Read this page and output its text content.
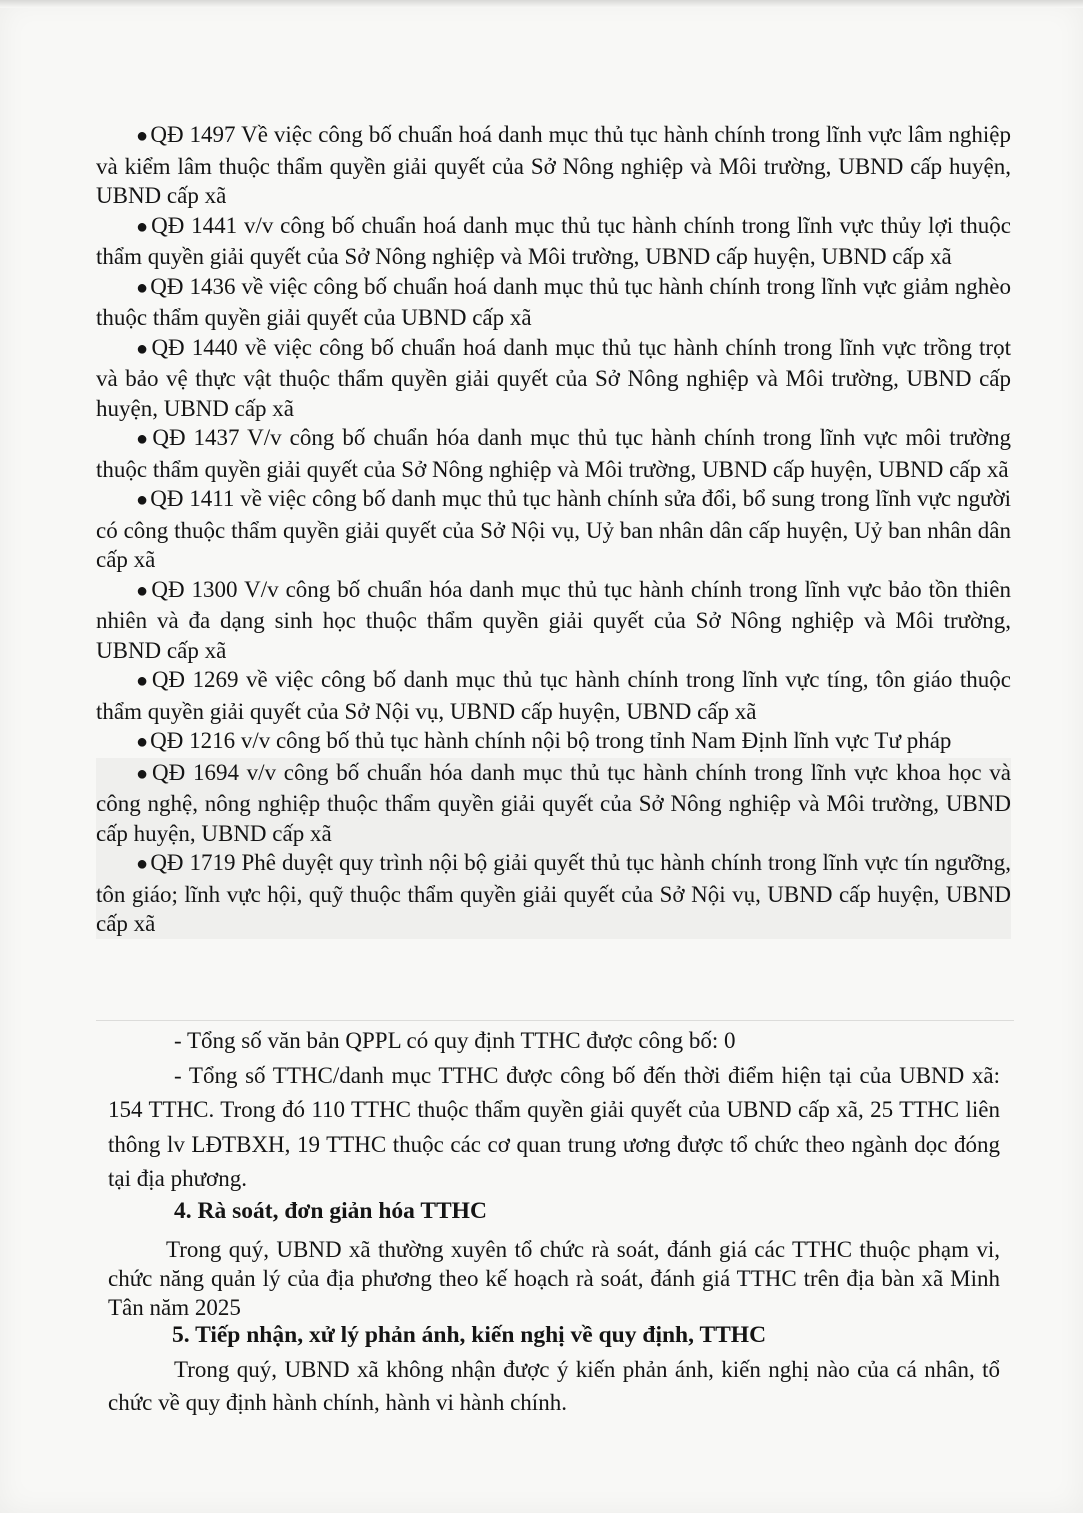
●QĐ 1497 Về việc công bố chuẩn hoá danh mục thủ tục hành chính trong lĩnh vực lâm nghiệp và kiểm lâm thuộc thẩm quyền giải quyết của Sở Nông nghiệp và Môi trường, UBND cấp huyện, UBND cấp xã

●QĐ 1441 v/v công bố chuẩn hoá danh mục thủ tục hành chính trong lĩnh vực thủy lợi thuộc thẩm quyền giải quyết của Sở Nông nghiệp và Môi trường, UBND cấp huyện, UBND cấp xã

●QĐ 1436 về việc công bố chuẩn hoá danh mục thủ tục hành chính trong lĩnh vực giảm nghèo thuộc thẩm quyền giải quyết của UBND cấp xã

●QĐ 1440 về việc công bố chuẩn hoá danh mục thủ tục hành chính trong lĩnh vực trồng trọt và bảo vệ thực vật thuộc thẩm quyền giải quyết của Sở Nông nghiệp và Môi trường, UBND cấp huyện, UBND cấp xã

●QĐ 1437 V/v công bố chuẩn hóa danh mục thủ tục hành chính trong lĩnh vực môi trường thuộc thẩm quyền giải quyết của Sở Nông nghiệp và Môi trường, UBND cấp huyện, UBND cấp xã

●QĐ 1411 về việc công bố danh mục thủ tục hành chính sửa đổi, bổ sung trong lĩnh vực người có công thuộc thẩm quyền giải quyết của Sở Nội vụ, Uỷ ban nhân dân cấp huyện, Uỷ ban nhân dân cấp xã

●QĐ 1300 V/v công bố chuẩn hóa danh mục thủ tục hành chính trong lĩnh vực bảo tồn thiên nhiên và đa dạng sinh học thuộc thẩm quyền giải quyết của Sở Nông nghiệp và Môi trường, UBND cấp xã

●QĐ 1269 về việc công bố danh mục thủ tục hành chính trong lĩnh vực tíng, tôn giáo thuộc thẩm quyền giải quyết của Sở Nội vụ, UBND cấp huyện, UBND cấp xã

●QĐ 1216 v/v công bố thủ tục hành chính nội bộ trong tỉnh Nam Định lĩnh vực Tư pháp

●QĐ 1694 v/v công bố chuẩn hóa danh mục thủ tục hành chính trong lĩnh vực khoa học và công nghệ, nông nghiệp thuộc thẩm quyền giải quyết của Sở Nông nghiệp và Môi trường, UBND cấp huyện, UBND cấp xã

●QĐ 1719 Phê duyệt quy trình nội bộ giải quyết thủ tục hành chính trong lĩnh vực tín ngưỡng, tôn giáo; lĩnh vực hội, quỹ thuộc thẩm quyền giải quyết của Sở Nội vụ, UBND cấp huyện, UBND cấp xã

- Tổng số văn bản QPPL có quy định TTHC được công bố: 0

- Tổng số TTHC/danh mục TTHC được công bố đến thời điểm hiện tại của UBND xã: 154 TTHC. Trong đó 110 TTHC thuộc thẩm quyền giải quyết của UBND cấp xã, 25 TTHC liên thông lv LĐTBXH, 19 TTHC thuộc các cơ quan trung ương được tổ chức theo ngành dọc đóng tại địa phương.

4. Rà soát, đơn giản hóa TTHC

Trong quý, UBND xã thường xuyên tổ chức rà soát, đánh giá các TTHC thuộc phạm vi, chức năng quản lý của địa phương theo kế hoạch rà soát, đánh giá TTHC trên địa bàn xã Minh Tân năm 2025

5. Tiếp nhận, xử lý phản ánh, kiến nghị về quy định, TTHC

Trong quý, UBND xã không nhận được ý kiến phản ánh, kiến nghị nào của cá nhân, tổ chức về quy định hành chính, hành vi hành chính.
